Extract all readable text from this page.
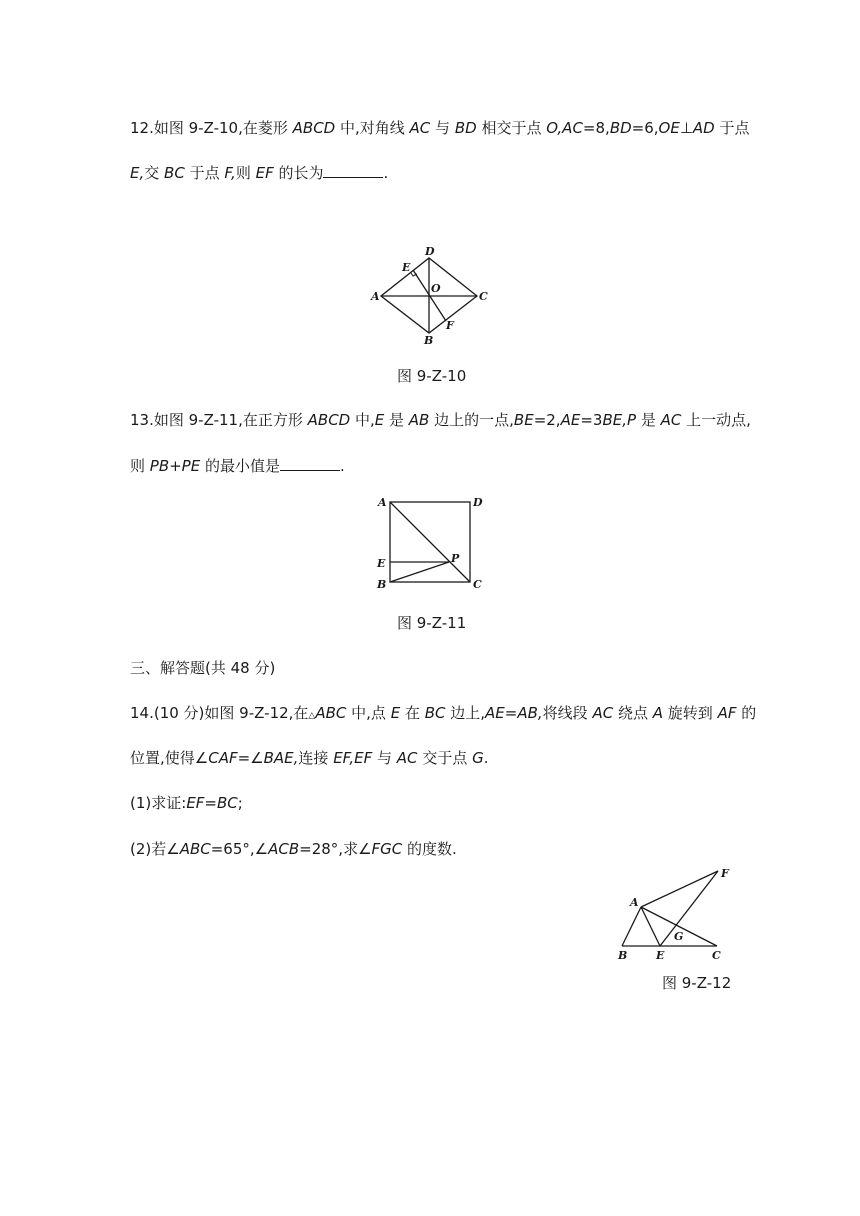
12.如图 9-Z-10,在菱形 ABCD 中,对角线 AC 与 BD 相交于点 O,AC=8,BD=6,OE⊥AD 于点
E,交 BC 于点 F,则 EF 的长为	.
A
D
C
B
E
O
F
图 9-Z-10
13.如图 9-Z-11,在正方形 ABCD 中,E 是 AB 边上的一点,BE=2,AE=3BE,P 是 AC 上一动点,
则 PB+PE 的最小值是	.
A	D
E
B
P
C
图 9-Z-11
三、解答题(共 48 分)
14.(10 分)如图 9-Z-12,在△ABC 中,点 E 在 BC 边上,AE=AB,将线段 AC 绕点 A 旋转到 AF 的
位置,使得∠CAF=∠BAE,连接 EF,EF 与 AC 交于点 G.
(1)求证:EF=BC;
(2)若∠ABC=65°,∠ACB=28°,求∠FGC 的度数.
A
F
G
B	E	C
图 9-Z-12
